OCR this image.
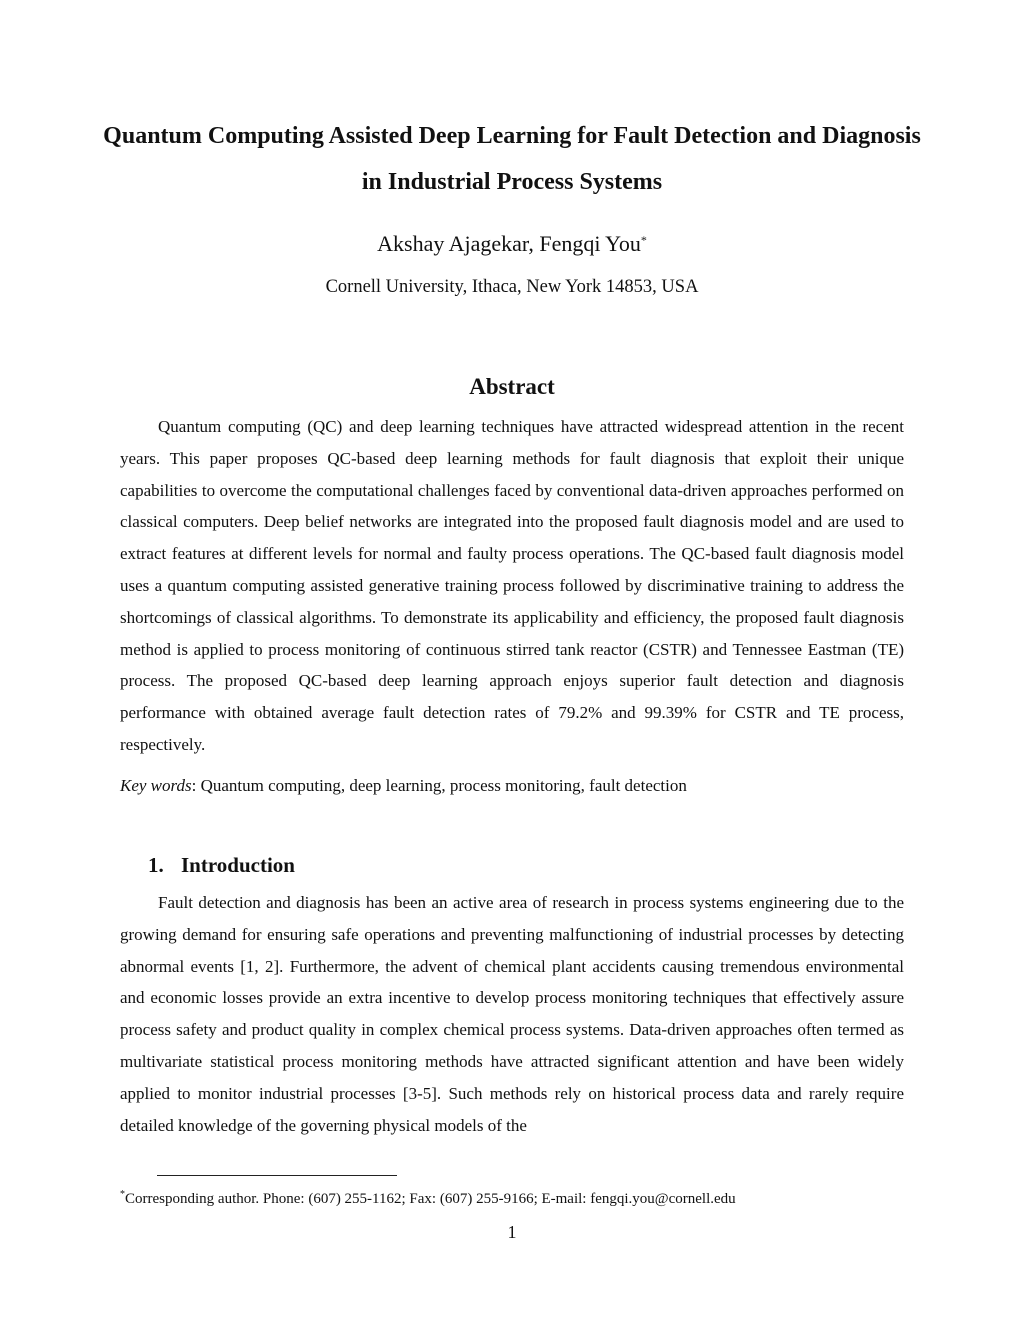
Quantum Computing Assisted Deep Learning for Fault Detection and Diagnosis in Industrial Process Systems
Akshay Ajagekar, Fengqi You*
Cornell University, Ithaca, New York 14853, USA
Abstract

Quantum computing (QC) and deep learning techniques have attracted widespread attention in the recent years. This paper proposes QC-based deep learning methods for fault diagnosis that exploit their unique capabilities to overcome the computational challenges faced by conventional data-driven approaches performed on classical computers. Deep belief networks are integrated into the proposed fault diagnosis model and are used to extract features at different levels for normal and faulty process operations. The QC-based fault diagnosis model uses a quantum computing assisted generative training process followed by discriminative training to address the shortcomings of classical algorithms. To demonstrate its applicability and efficiency, the proposed fault diagnosis method is applied to process monitoring of continuous stirred tank reactor (CSTR) and Tennessee Eastman (TE) process. The proposed QC-based deep learning approach enjoys superior fault detection and diagnosis performance with obtained average fault detection rates of 79.2% and 99.39% for CSTR and TE process, respectively.

Key words: Quantum computing, deep learning, process monitoring, fault detection
1. Introduction

Fault detection and diagnosis has been an active area of research in process systems engineering due to the growing demand for ensuring safe operations and preventing malfunctioning of industrial processes by detecting abnormal events [1, 2]. Furthermore, the advent of chemical plant accidents causing tremendous environmental and economic losses provide an extra incentive to develop process monitoring techniques that effectively assure process safety and product quality in complex chemical process systems. Data-driven approaches often termed as multivariate statistical process monitoring methods have attracted significant attention and have been widely applied to monitor industrial processes [3-5]. Such methods rely on historical process data and rarely require detailed knowledge of the governing physical models of the

*Corresponding author. Phone: (607) 255-1162; Fax: (607) 255-9166; E-mail: fengqi.you@cornell.edu
1
